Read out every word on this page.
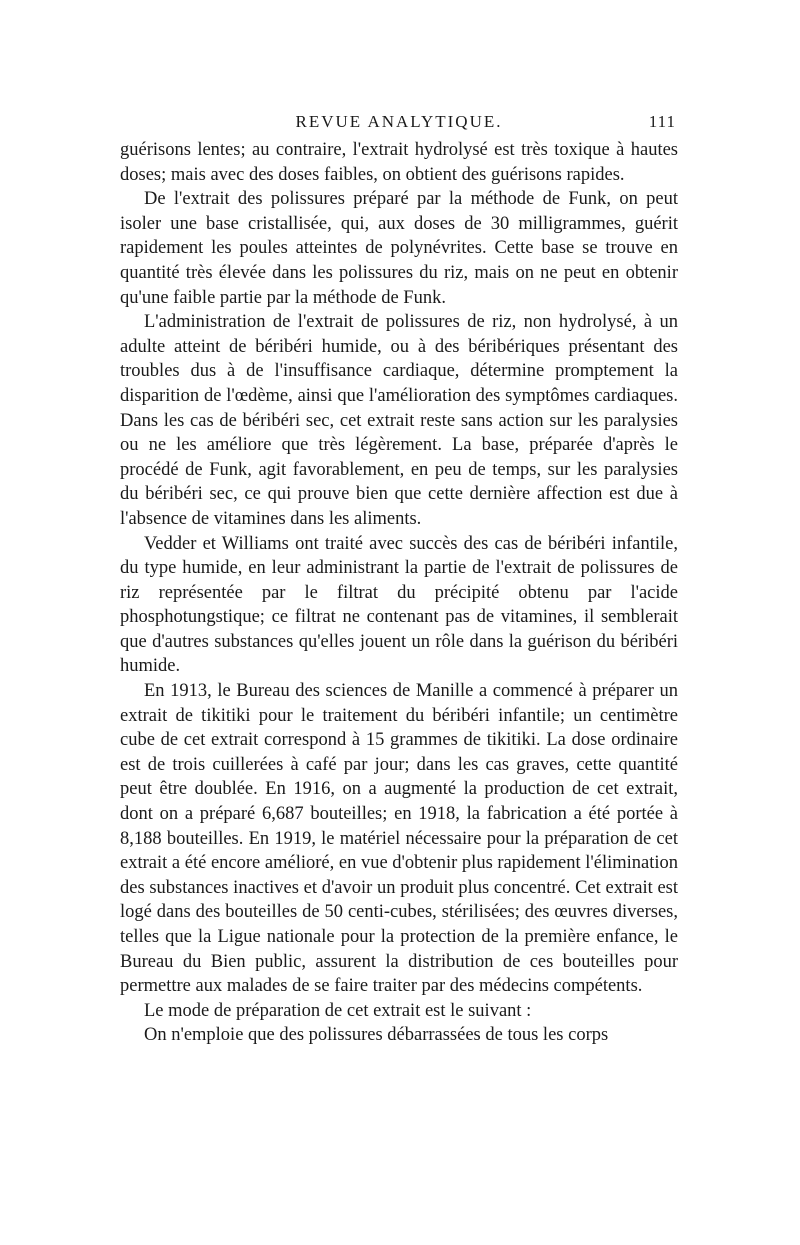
REVUE ANALYTIQUE.	111

guérisons lentes; au contraire, l'extrait hydrolysé est très toxique à hautes doses; mais avec des doses faibles, on obtient des guérisons rapides.

De l'extrait des polissures préparé par la méthode de Funk, on peut isoler une base cristallisée, qui, aux doses de 30 milligrammes, guérit rapidement les poules atteintes de polynévrites. Cette base se trouve en quantité très élevée dans les polissures du riz, mais on ne peut en obtenir qu'une faible partie par la méthode de Funk.

L'administration de l'extrait de polissures de riz, non hydrolysé, à un adulte atteint de béribéri humide, ou à des béribériques présentant des troubles dus à de l'insuffisance cardiaque, détermine promptement la disparition de l'œdème, ainsi que l'amélioration des symptômes cardiaques. Dans les cas de béribéri sec, cet extrait reste sans action sur les paralysies ou ne les améliore que très légèrement. La base, préparée d'après le procédé de Funk, agit favorablement, en peu de temps, sur les paralysies du béribéri sec, ce qui prouve bien que cette dernière affection est due à l'absence de vitamines dans les aliments.

Vedder et Williams ont traité avec succès des cas de béribéri infantile, du type humide, en leur administrant la partie de l'extrait de polissures de riz représentée par le filtrat du précipité obtenu par l'acide phosphotungstique; ce filtrat ne contenant pas de vitamines, il semblerait que d'autres substances qu'elles jouent un rôle dans la guérison du béribéri humide.

En 1913, le Bureau des sciences de Manille a commencé à préparer un extrait de tikitiki pour le traitement du béribéri infantile; un centimètre cube de cet extrait correspond à 15 grammes de tikitiki. La dose ordinaire est de trois cuillerées à café par jour; dans les cas graves, cette quantité peut être doublée. En 1916, on a augmenté la production de cet extrait, dont on a préparé 6,687 bouteilles; en 1918, la fabrication a été portée à 8,188 bouteilles. En 1919, le matériel nécessaire pour la préparation de cet extrait a été encore amélioré, en vue d'obtenir plus rapidement l'élimination des substances inactives et d'avoir un produit plus concentré. Cet extrait est logé dans des bouteilles de 50 centi-cubes, stérilisées; des œuvres diverses, telles que la Ligue nationale pour la protection de la première enfance, le Bureau du Bien public, assurent la distribution de ces bouteilles pour permettre aux malades de se faire traiter par des médecins compétents.

Le mode de préparation de cet extrait est le suivant :

On n'emploie que des polissures débarrassées de tous les corps
